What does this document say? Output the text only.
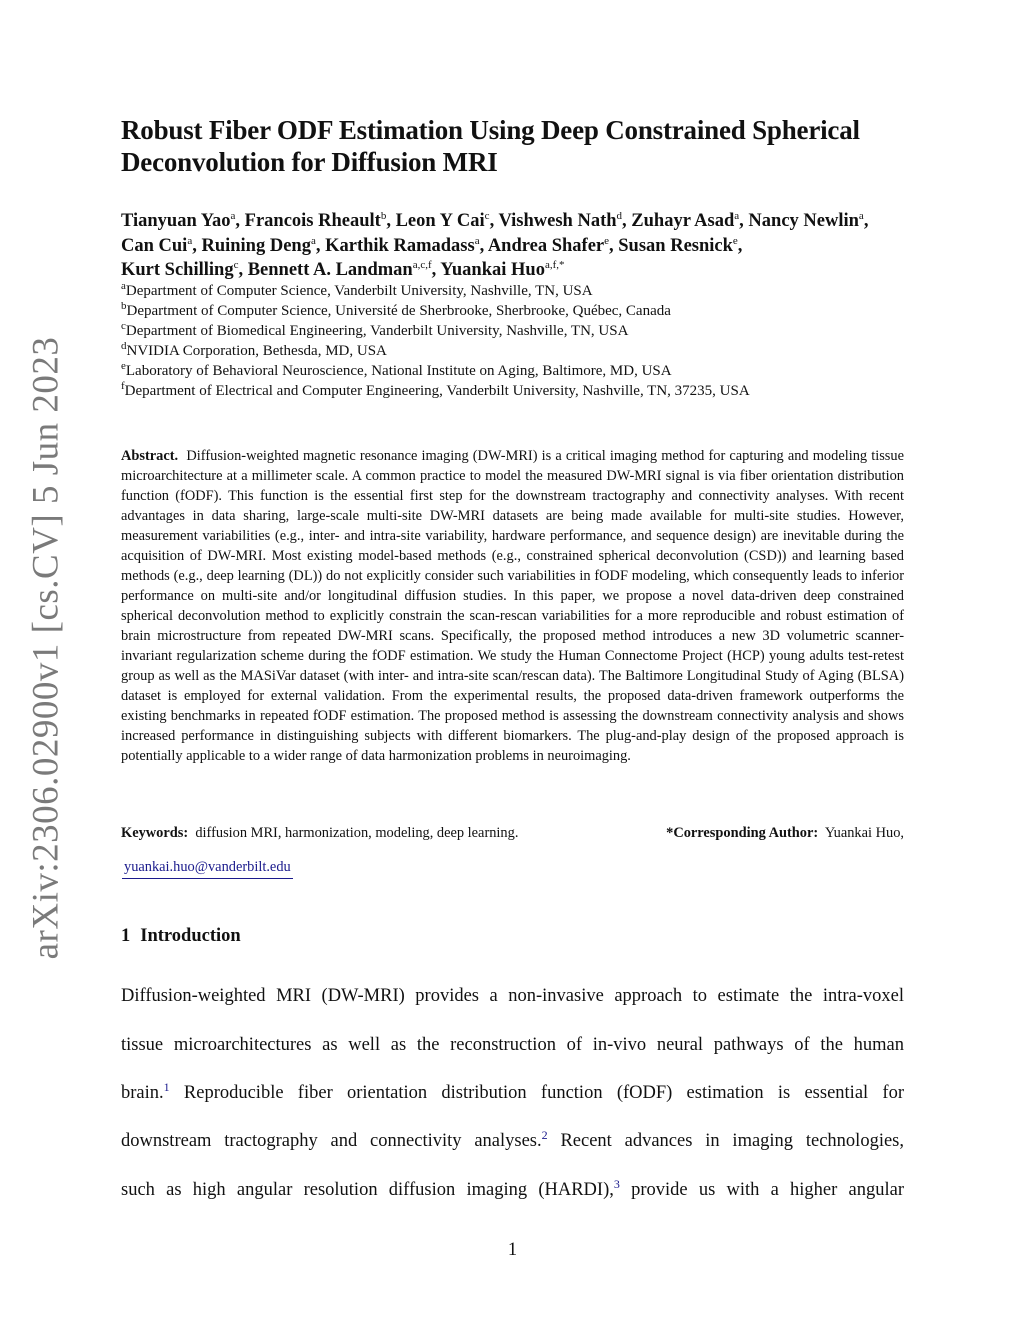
arXiv:2306.02900v1 [cs.CV] 5 Jun 2023
Robust Fiber ODF Estimation Using Deep Constrained Spherical Deconvolution for Diffusion MRI
Tianyuan Yao$^a$, Francois Rheault$^b$, Leon Y Cai$^c$, Vishwesh Nath$^d$, Zuhayr Asad$^a$, Nancy Newlin$^a$, Can Cui$^a$, Ruining Deng$^a$, Karthik Ramadass$^a$, Andrea Shafer$^e$, Susan Resnick$^e$,
Kurt Schilling$^c$, Bennett A. Landman$^{a,c,f}$, Yuankai Huo$^{a,f,*}$
$^a$Department of Computer Science, Vanderbilt University, Nashville, TN, USA
$^b$Department of Computer Science, Université de Sherbrooke, Sherbrooke, Québec, Canada
$^c$Department of Biomedical Engineering, Vanderbilt University, Nashville, TN, USA
$^d$NVIDIA Corporation, Bethesda, MD, USA
$^e$Laboratory of Behavioral Neuroscience, National Institute on Aging, Baltimore, MD, USA
$^f$Department of Electrical and Computer Engineering, Vanderbilt University, Nashville, TN, 37235, USA

Abstract. Diffusion-weighted magnetic resonance imaging (DW-MRI) is a critical imaging method for capturing and modeling tissue microarchitecture at a millimeter scale. A common practice to model the measured DW-MRI signal is via fiber orientation distribution function (fODF). This function is the essential first step for the downstream tractography and connectivity analyses. With recent advantages in data sharing, large-scale multi-site DW-MRI datasets are being made available for multi-site studies. However, measurement variabilities (e.g., inter- and intra-site variability, hardware performance, and sequence design) are inevitable during the acquisition of DW-MRI. Most existing model-based methods (e.g., constrained spherical deconvolution (CSD)) and learning based methods (e.g., deep learning (DL)) do not explicitly consider such variabilities in fODF modeling, which consequently leads to inferior performance on multi-site and/or longitudinal diffusion studies. In this paper, we propose a novel data-driven deep constrained spherical deconvolution method to explicitly constrain the scan-rescan variabilities for a more reproducible and robust estimation of brain microstructure from repeated DW-MRI scans. Specifically, the proposed method introduces a new 3D volumetric scanner-invariant regularization scheme during the fODF estimation. We study the Human Connectome Project (HCP) young adults test-retest group as well as the MASiVar dataset (with inter- and intra-site scan/rescan data). The Baltimore Longitudinal Study of Aging (BLSA) dataset is employed for external validation. From the experimental results, the proposed data-driven framework outperforms the existing benchmarks in repeated fODF estimation. The proposed method is assessing the downstream connectivity analysis and shows increased performance in distinguishing subjects with different biomarkers. The plug-and-play design of the proposed approach is potentially applicable to a wider range of data harmonization problems in neuroimaging.

Keywords: diffusion MRI, harmonization, modeling, deep learning.	*Corresponding Author: Yuankai Huo,
yuankai.huo@vanderbilt.edu
1 Introduction
Diffusion-weighted MRI (DW-MRI) provides a non-invasive approach to estimate the intra-voxel
tissue microarchitectures as well as the reconstruction of in-vivo neural pathways of the human
brain.$^1$ Reproducible fiber orientation distribution function (fODF) estimation is essential for
downstream tractography and connectivity analyses.$^2$ Recent advances in imaging technologies,
such as high angular resolution diffusion imaging (HARDI),$^3$ provide us with a higher angular
1
